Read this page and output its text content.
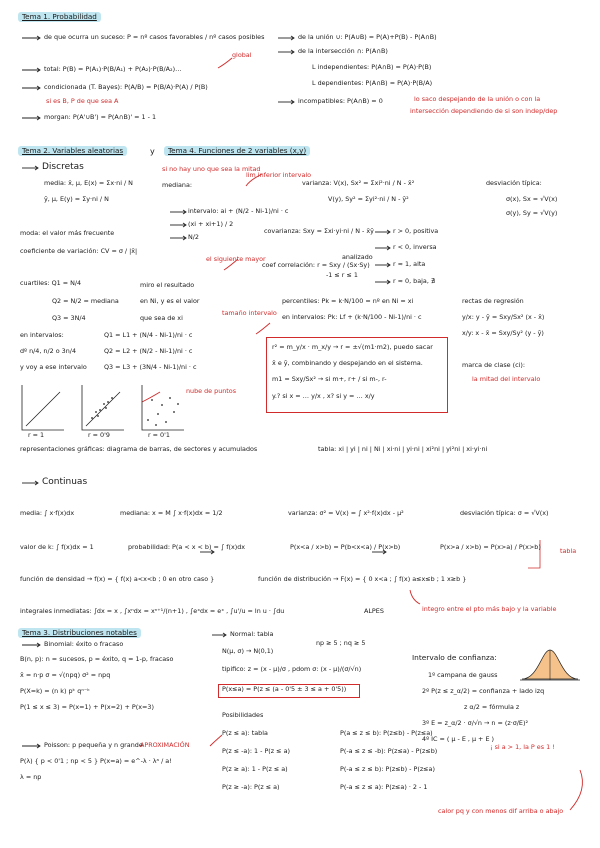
Tema 1. Probabilidad
de que ocurra un suceso: P = nº casos favorables / nº casos posibles
global
total: P(B) = P(A₁)·P(B/A₁) + P(A₂)·P(B/A₂)…
condicionada (T. Bayes): P(A/B) = P(B/A)·P(A) / P(B)
si es B, P de que sea A
morgan: P(A'∪B') = P(A∩B)' = 1 - 1
de la unión ∪: P(A∪B) = P(A)+P(B) - P(A∩B)
de la intersección ∩: P(A∩B)
L independientes: P(A∩B) = P(A)·P(B)
L dependientes: P(A∩B) = P(A)·P(B/A)
incompatibles: P(A∩B) = 0	lo saco despejando de la unión o con la
intersección dependiendo de si son indep/dep
Tema 2. Variables aleatorias	y	Tema 4. Funciones de 2 variables (x,y)
Discretas
media: x̄, μ, E(x) = Σx·ni / N
ȳ, μ, E(y) = Σy·ni / N
si no hay uno que sea la mitad
mediana:
lim inferior intervalo
intervalo: ai + (N/2 - Ni-1)/ni · c
(xi + xi+1) / 2
N/2
moda: el valor más frecuente
coeficiente de variación: CV = σ / |x̄|
varianza: V(x), Sx² = Σxi²·ni / N - x̄²
V(y), Sy² = Σyi²·ni / N - ȳ²
desviación típica:
σ(x), Sx = √V(x)
σ(y), Sy = √V(y)
covarianza: Sxy = Σxi·yi·ni / N - x̄ȳ	r > 0, positiva
r < 0, inversa
r ≈ 1, alta
r ≈ 0, baja, ∄
coef correlación: r = Sxy / (Sx·Sy)
analizado
-1 ≤ r ≤ 1
cuartiles: Q1 = N/4
el siguiente mayor
Q2 = N/2 = mediana
Q3 = 3N/4
miro el resultado
en Ni, y es el valor
que sea de xi
tamaño intervalo
en intervalos:	Q1 = L1 + (N/4 - Ni-1)/ni · c
dº n/4, n/2 o 3n/4	Q2 = L2 + (N/2 - Ni-1)/ni · c
y voy a ese intervalo	Q3 = L3 + (3N/4 - Ni-1)/ni · c
percentiles: Pk = k·N/100 = nº en Ni = xi
en intervalos: Pk: Lf + (k·N/100 - Ni-1)/ni · c
rectas de regresión
y/x: y - ȳ = Sxy/Sx² (x - x̄)
x/y: x - x̄ = Sxy/Sy² (y - ȳ)
marca de clase (ci):
la mitad del intervalo
r² = m_y/x · m_x/y → r = ±√(m1·m2), puedo sacar
x̄ e ȳ, combinando y despejando en el sistema.
m1 = Sxy/Sx² → si m+, r+ / si m-, r-
y.? si x = … y/x , x? si y = … x/y
nube de puntos
r = 1	r = 0'9	r = 0'1
representaciones gráficas: diagrama de barras, de sectores y acumulados	tabla: xi | yi | ni | Ni | xi·ni | yi·ni | xi²ni | yi²ni | xi·yi·ni
Continuas
media: ∫ x·f(x)dx	mediana: x = M ∫ x·f(x)dx = 1/2	varianza: σ² = V(x) = ∫ x²·f(x)dx - μ²	desviación típica: σ = √V(x)
valor de k: ∫ f(x)dx = 1	probabilidad: P(a < x < b) = ∫ f(x)dx	P(x<a / x>b) = P(b<x<a) / P(x>b)	P(x>a / x>b) = P(x>a) / P(x>b)	tabla
función de densidad → f(x) = { f(x) a<x<b ; 0 en otro caso }	función de distribución → F(x) = { 0 x<a ; ∫ f(x) a≤x≤b ; 1 x≥b }
integrales inmediatas: ∫dx = x , ∫xⁿdx = xⁿ⁺¹/(n+1) , ∫eˣdx = eˣ , ∫u'/u = ln u · ∫du	ALPES	integro entre el pto más bajo y la variable
Tema 3. Distribuciones notables
Binomial: éxito o fracaso
B(n, p): n = sucesos, p = éxito, q = 1-p, fracaso
x̄ = n·p σ = √(npq) σ² = npq
P(X=k) = (n k) pᵏ qⁿ⁻ᵏ
P(1 ≤ x ≤ 3) = P(x=1) + P(x=2) + P(x=3)
Poisson: p pequeña y n grande
APROXIMACIÓN
P(λ) { p < 0'1 ; np < 5 } P(x=a) = e^-λ · λᵃ / a!
λ = np
Normal: tabla
N(μ, σ) → N(0,1)
np ≥ 5 ; nq ≥ 5
tipifico: z = (x - μ)/σ , pdom σ: (x - μ)/(σ/√n)
P(x≤a) = P(z ≤ (a - 0'5 ± 3 ≤ a + 0'5))
Posibilidades
P(z ≤ a): tabla
P(z ≤ -a): 1 - P(z ≤ a)
P(z ≥ a): 1 - P(z ≤ a)
P(z ≥ -a): P(z ≤ a)
P(a ≤ z ≤ b): P(z≤b) - P(z≤a)
P(-a ≤ z ≤ -b): P(z≤a) - P(z≤b)
P(-a ≤ z ≤ b): P(z≤b) - P(z≤a)
P(-a ≤ z ≤ a): P(z≤a) · 2 - 1
¡ si a > 1, la P es 1 !
calor pq y con menos dif arriba o abajo
Intervalo de confianza:
1º campana de gauss
2º P(z ≤ z_α/2) = confianza + lado izq
z α/2 = fórmula z
3º E = z_α/2 · σ/√n → n = (z·σ/E)²
4º IC = ( μ - E , μ + E )
